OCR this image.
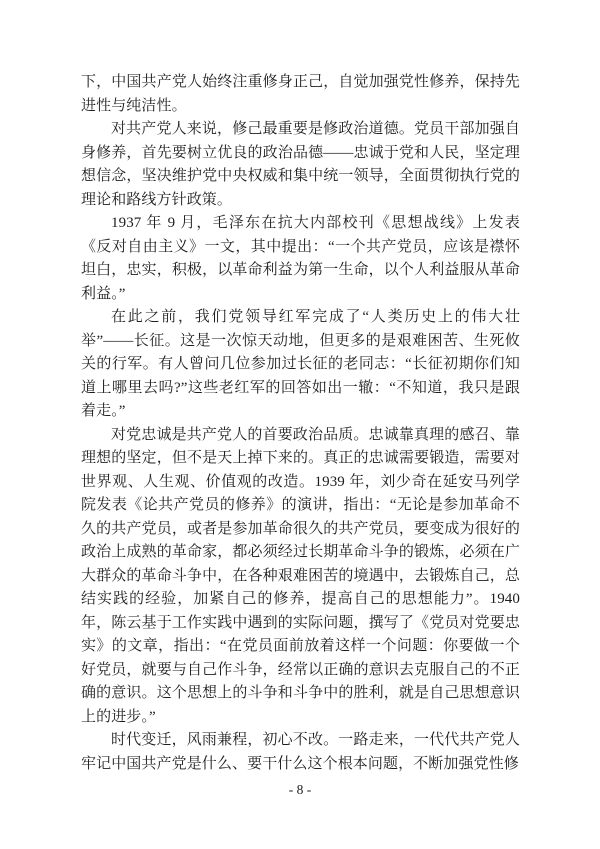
下，中国共产党人始终注重修身正己，自觉加强党性修养，保持先进性与纯洁性。

对共产党人来说，修己最重要是修政治道德。党员干部加强自身修养，首先要树立优良的政治品德——忠诚于党和人民，坚定理想信念，坚决维护党中央权威和集中统一领导，全面贯彻执行党的理论和路线方针政策。

1937 年 9 月，毛泽东在抗大内部校刊《思想战线》上发表《反对自由主义》一文，其中提出：“一个共产党员，应该是襟怀坦白，忠实，积极，以革命利益为第一生命，以个人利益服从革命利益。”

在此之前，我们党领导红军完成了“人类历史上的伟大壮举”——长征。这是一次惊天动地，但更多的是艰难困苦、生死攸关的行军。有人曾问几位参加过长征的老同志：“长征初期你们知道上哪里去吗?”这些老红军的回答如出一辙：“不知道，我只是跟着走。”

对党忠诚是共产党人的首要政治品质。忠诚靠真理的感召、靠理想的坚定，但不是天上掉下来的。真正的忠诚需要锻造，需要对世界观、人生观、价值观的改造。1939 年，刘少奇在延安马列学院发表《论共产党员的修养》的演讲，指出：“无论是参加革命不久的共产党员，或者是参加革命很久的共产党员，要变成为很好的政治上成熟的革命家，都必须经过长期革命斗争的锻炼，必须在广大群众的革命斗争中，在各种艰难困苦的境遇中，去锻炼自己，总结实践的经验，加紧自己的修养，提高自己的思想能力”。1940 年，陈云基于工作实践中遇到的实际问题，撰写了《党员对党要忠实》的文章，指出：“在党员面前放着这样一个问题：你要做一个好党员，就要与自己作斗争，经常以正确的意识去克服自己的不正确的意识。这个思想上的斗争和斗争中的胜利，就是自己思想意识上的进步。”

时代变迁，风雨兼程，初心不改。一路走来，一代代共产党人牢记中国共产党是什么、要干什么这个根本问题，不断加强党性修

- 8 -
